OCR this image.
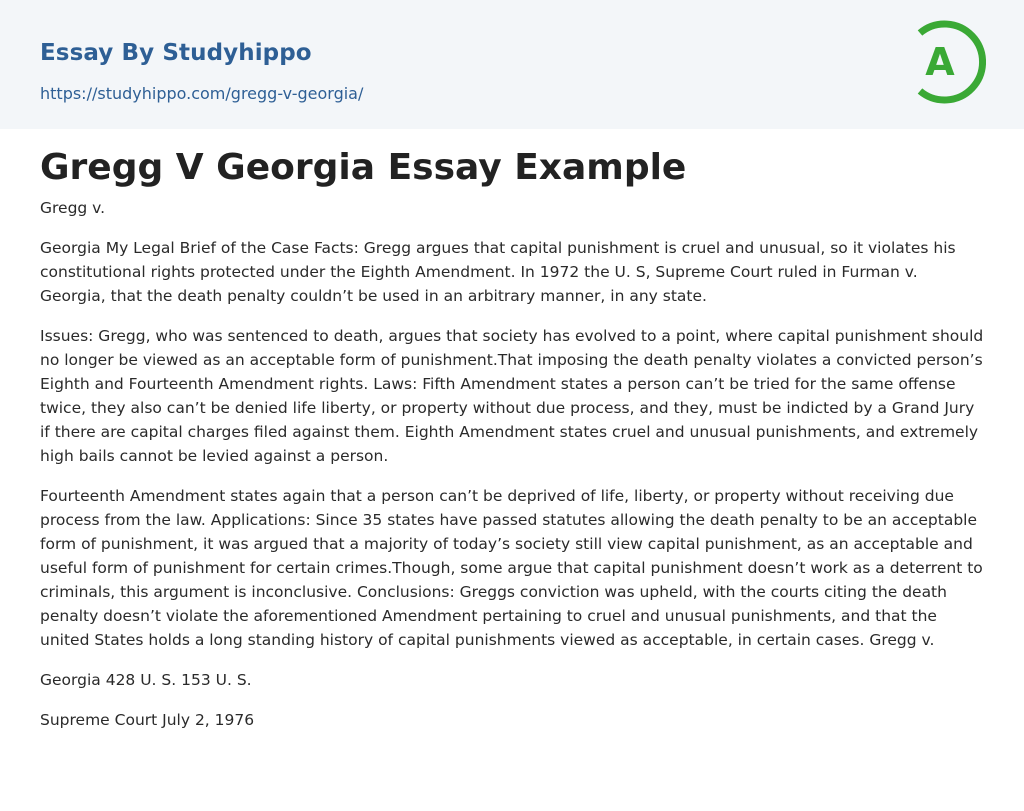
Essay By Studyhippo
https://studyhippo.com/gregg-v-georgia/
A
Gregg V Georgia Essay Example

Gregg v.

Georgia My Legal Brief of the Case Facts: Gregg argues that capital punishment is cruel and unusual, so it violates his constitutional rights protected under the Eighth Amendment. In 1972 the U. S, Supreme Court ruled in Furman v. Georgia, that the death penalty couldn’t be used in an arbitrary manner, in any state.

Issues: Gregg, who was sentenced to death, argues that society has evolved to a point, where capital punishment should no longer be viewed as an acceptable form of punishment.That imposing the death penalty violates a convicted person’s Eighth and Fourteenth Amendment rights. Laws: Fifth Amendment states a person can’t be tried for the same offense twice, they also can’t be denied life liberty, or property without due process, and they, must be indicted by a Grand Jury if there are capital charges filed against them. Eighth Amendment states cruel and unusual punishments, and extremely high bails cannot be levied against a person.

Fourteenth Amendment states again that a person can’t be deprived of life, liberty, or property without receiving due process from the law. Applications: Since 35 states have passed statutes allowing the death penalty to be an acceptable form of punishment, it was argued that a majority of today’s society still view capital punishment, as an acceptable and useful form of punishment for certain crimes.Though, some argue that capital punishment doesn’t work as a deterrent to criminals, this argument is inconclusive. Conclusions: Greggs conviction was upheld, with the courts citing the death penalty doesn’t violate the aforementioned Amendment pertaining to cruel and unusual punishments, and that the united States holds a long standing history of capital punishments viewed as acceptable, in certain cases. Gregg v.

Georgia 428 U. S. 153 U. S.

Supreme Court July 2, 1976
